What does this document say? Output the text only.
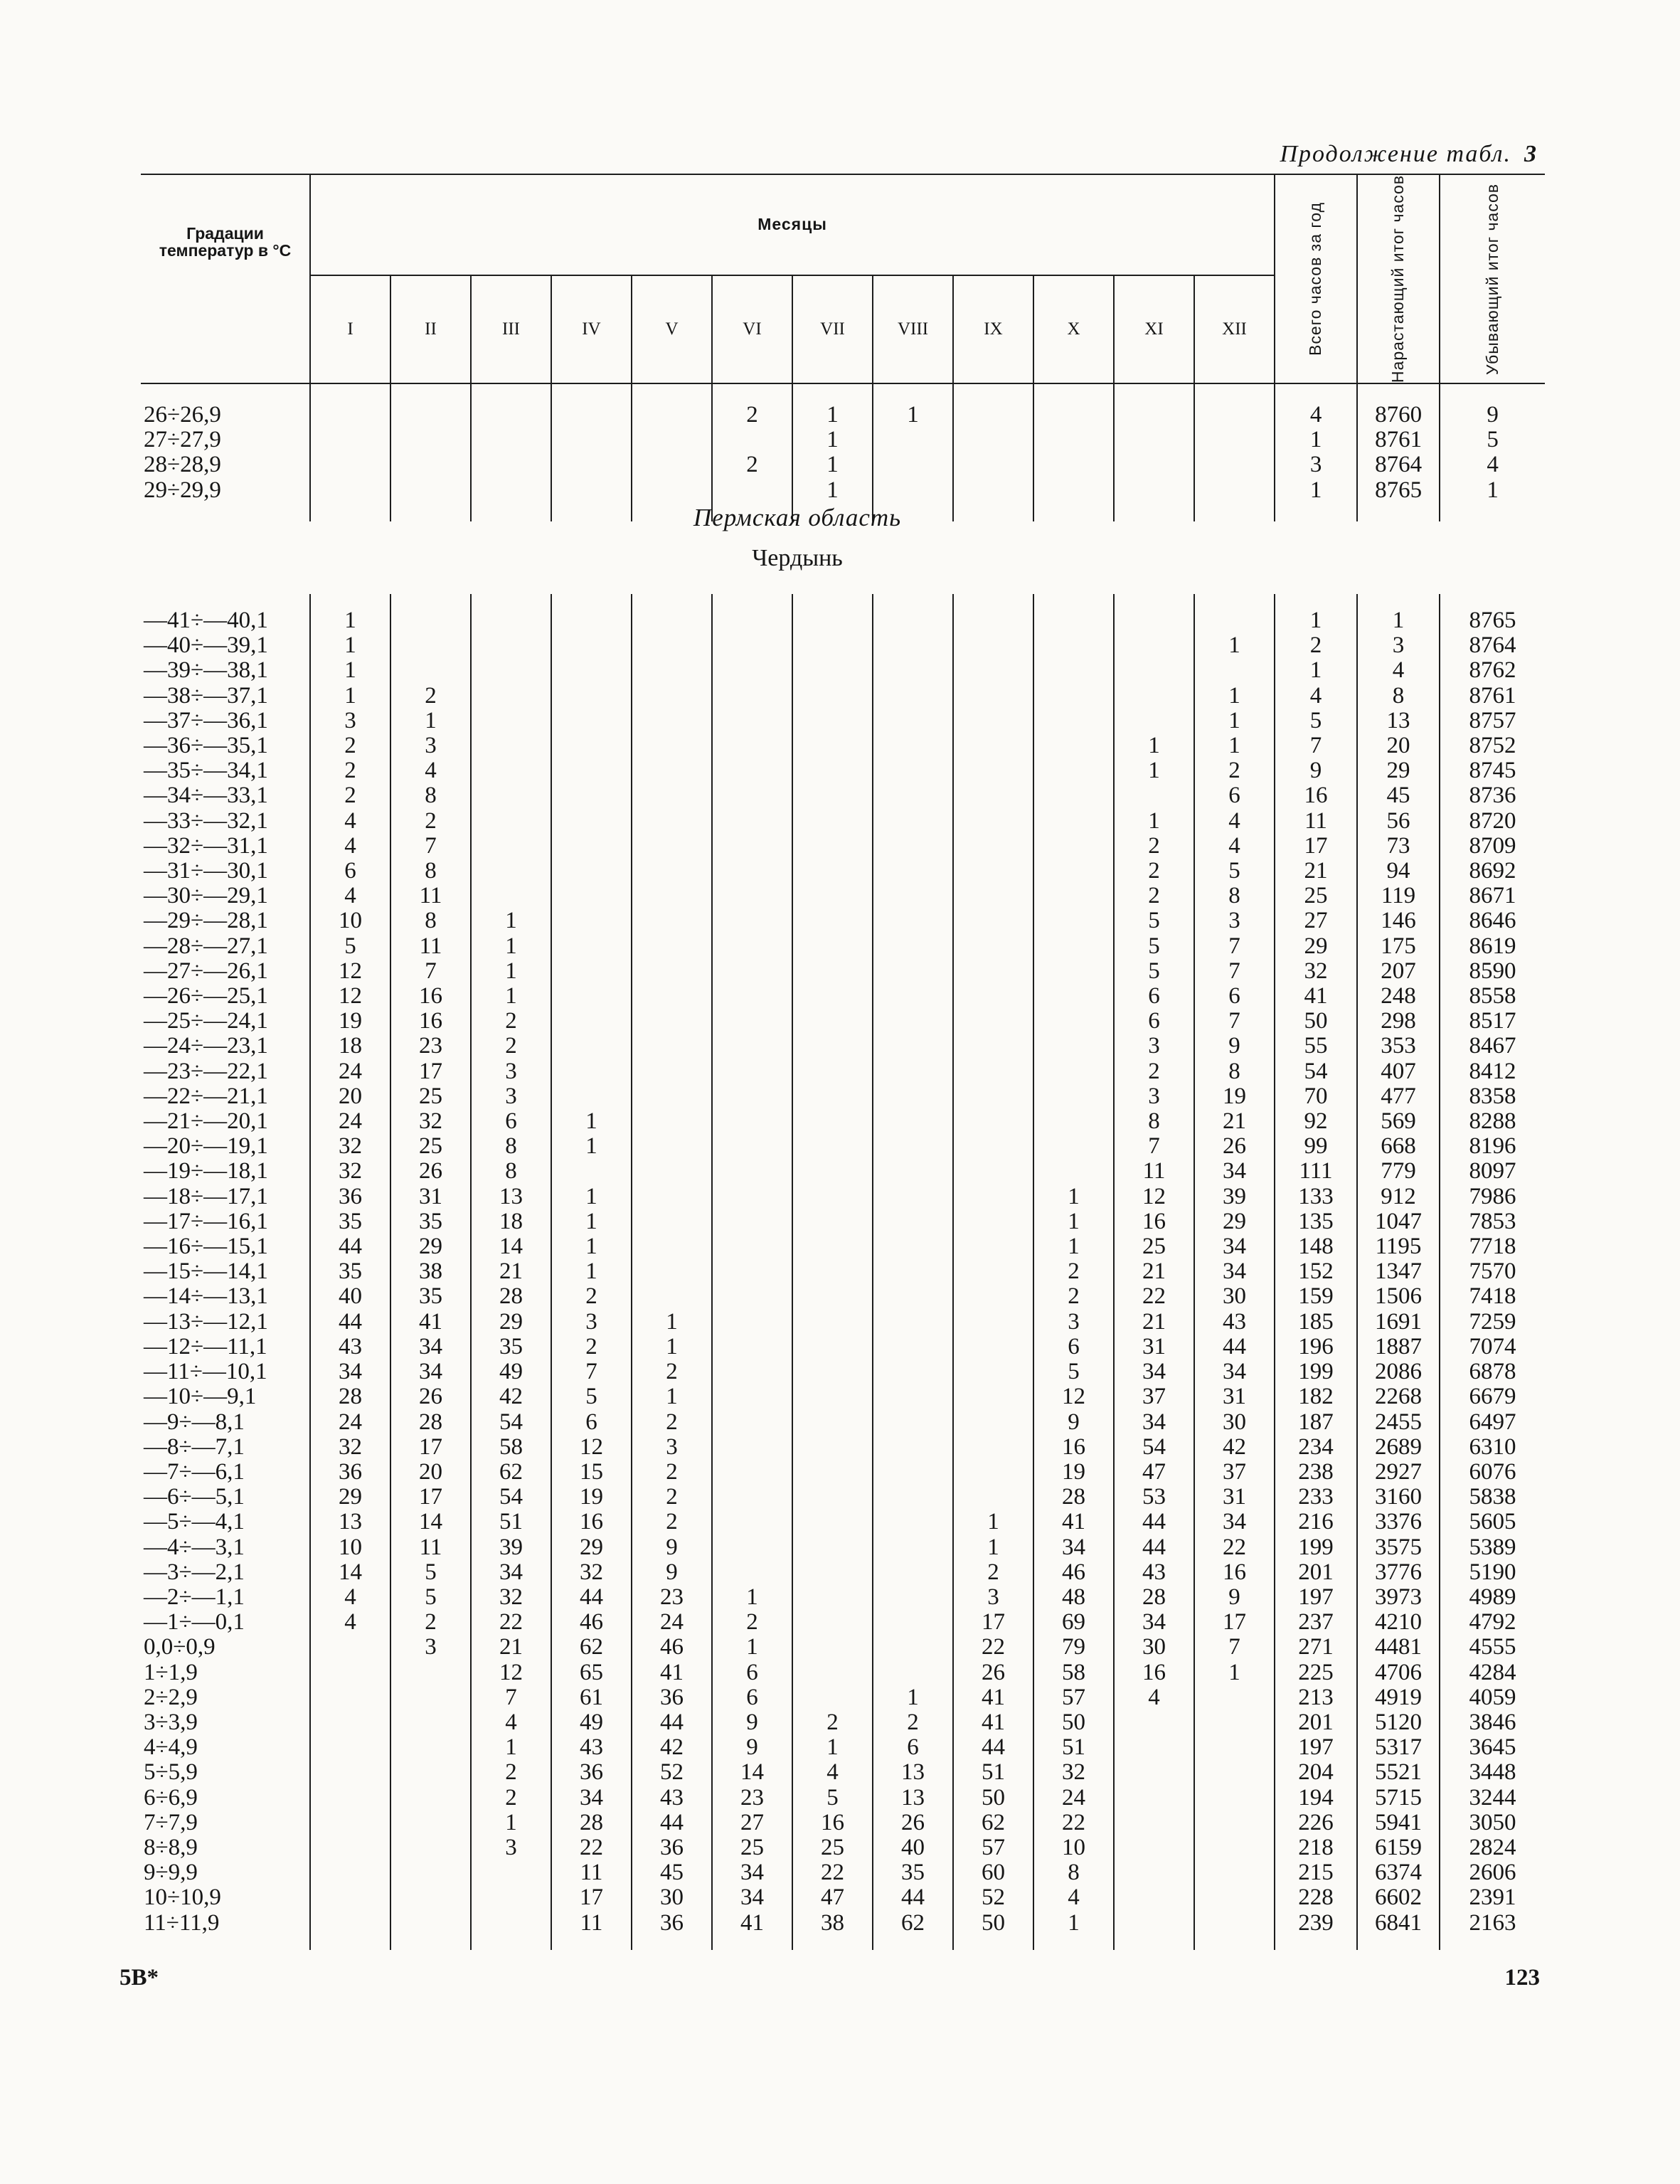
Продолжение табл. 3
Градации температур в °С	Месяцы												Всего часов за год	Нарастающий итог часов	Убывающий итог часов

	I	II	III	IV	V	VI	VII	VIII	IX	X	XI	XII			

26÷26,9						2	1	1					4	8760	9
27÷27,9							1						1	8761	5
28÷28,9						2	1						3	8764	4
29÷29,9							1						1	8765	1

Пермская область
Чердынь

—41÷—40,1	1												1	1	8765
—40÷—39,1	1											1	2	3	8764
—39÷—38,1	1												1	4	8762
—38÷—37,1	1	2										1	4	8	8761
—37÷—36,1	3	1										1	5	13	8757
—36÷—35,1	2	3									1	1	7	20	8752
—35÷—34,1	2	4									1	2	9	29	8745
—34÷—33,1	2	8										6	16	45	8736
—33÷—32,1	4	2									1	4	11	56	8720
—32÷—31,1	4	7									2	4	17	73	8709
—31÷—30,1	6	8									2	5	21	94	8692
—30÷—29,1	4	11									2	8	25	119	8671
—29÷—28,1	10	8	1								5	3	27	146	8646
—28÷—27,1	5	11	1								5	7	29	175	8619
—27÷—26,1	12	7	1								5	7	32	207	8590
—26÷—25,1	12	16	1								6	6	41	248	8558
—25÷—24,1	19	16	2								6	7	50	298	8517
—24÷—23,1	18	23	2								3	9	55	353	8467
—23÷—22,1	24	17	3								2	8	54	407	8412
—22÷—21,1	20	25	3								3	19	70	477	8358
—21÷—20,1	24	32	6	1							8	21	92	569	8288
—20÷—19,1	32	25	8	1							7	26	99	668	8196
—19÷—18,1	32	26	8								11	34	111	779	8097
—18÷—17,1	36	31	13	1						1	12	39	133	912	7986
—17÷—16,1	35	35	18	1						1	16	29	135	1047	7853
—16÷—15,1	44	29	14	1						1	25	34	148	1195	7718
—15÷—14,1	35	38	21	1						2	21	34	152	1347	7570
—14÷—13,1	40	35	28	2						2	22	30	159	1506	7418
—13÷—12,1	44	41	29	3	1					3	21	43	185	1691	7259
—12÷—11,1	43	34	35	2	1					6	31	44	196	1887	7074
—11÷—10,1	34	34	49	7	2					5	34	34	199	2086	6878
—10÷—9,1	28	26	42	5	1					12	37	31	182	2268	6679
—9÷—8,1	24	28	54	6	2					9	34	30	187	2455	6497
—8÷—7,1	32	17	58	12	3					16	54	42	234	2689	6310
—7÷—6,1	36	20	62	15	2					19	47	37	238	2927	6076
—6÷—5,1	29	17	54	19	2					28	53	31	233	3160	5838
—5÷—4,1	13	14	51	16	2				1	41	44	34	216	3376	5605
—4÷—3,1	10	11	39	29	9				1	34	44	22	199	3575	5389
—3÷—2,1	14	5	34	32	9				2	46	43	16	201	3776	5190
—2÷—1,1	4	5	32	44	23	1			3	48	28	9	197	3973	4989
—1÷—0,1	4	2	22	46	24	2			17	69	34	17	237	4210	4792
0,0÷0,9		3	21	62	46	1			22	79	30	7	271	4481	4555
1÷1,9			12	65	41	6			26	58	16	1	225	4706	4284
2÷2,9			7	61	36	6		1	41	57	4		213	4919	4059
3÷3,9			4	49	44	9	2	2	41	50			201	5120	3846
4÷4,9			1	43	42	9	1	6	44	51			197	5317	3645
5÷5,9			2	36	52	14	4	13	51	32			204	5521	3448
6÷6,9			2	34	43	23	5	13	50	24			194	5715	3244
7÷7,9			1	28	44	27	16	26	62	22			226	5941	3050
8÷8,9			3	22	36	25	25	40	57	10			218	6159	2824
9÷9,9				11	45	34	22	35	60	8			215	6374	2606
10÷10,9				17	30	34	47	44	52	4			228	6602	2391
11÷11,9				11	36	41	38	62	50	1			239	6841	2163

5В*	123
